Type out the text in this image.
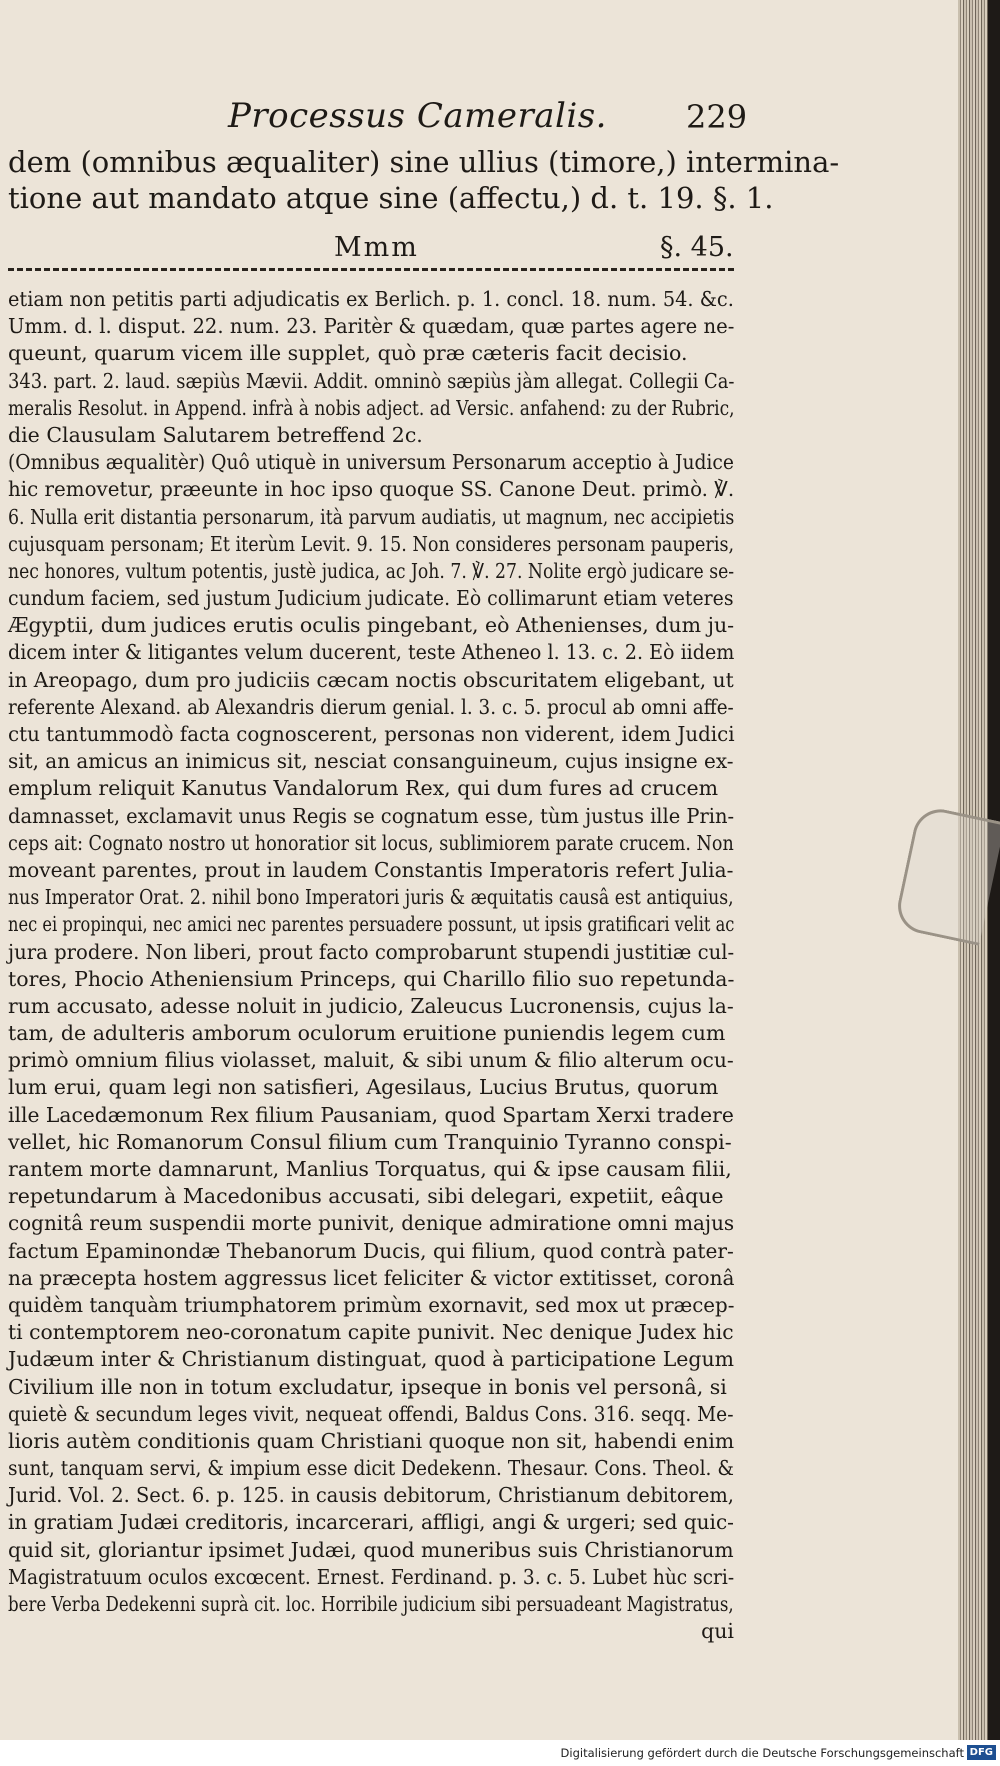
Processus Cameralis. 229
dem (omnibus æqualiter) sine ullius (timore,) intermina-
tione aut mandato atque sine (affectu,) d. t. 19. §. 1.
Mmm	§. 45.
etiam non petitis parti adjudicatis ex Berlich. p. 1. concl. 18. num. 54. &c.
Umm. d. l. disput. 22. num. 23. Paritèr & quædam, quæ partes agere ne-
queunt, quarum vicem ille supplet, quò præ cæteris facit decisio.
343. part. 2. laud. sæpiùs Mævii. Addit. omninò sæpiùs jàm allegat. Collegii Ca-
meralis Resolut. in Append. infrà à nobis adject. ad Versic. anfahend: zu der Rubric,
die Clausulam Salutarem betreffend 2c.
(Omnibus æqualitèr) Quô utiquè in universum Personarum acceptio à Judice
hic removetur, præeunte in hoc ipso quoque SS. Canone Deut. primò. ℣.
6. Nulla erit distantia personarum, ità parvum audiatis, ut magnum, nec accipietis
cujusquam personam; Et iterùm Levit. 9. 15. Non consideres personam pauperis,
nec honores, vultum potentis, justè judica, ac Joh. 7. ℣. 27. Nolite ergò judicare se-
cundum faciem, sed justum Judicium judicate. Eò collimarunt etiam veteres
Ægyptii, dum judices erutis oculis pingebant, eò Athenienses, dum ju-
dicem inter & litigantes velum ducerent, teste Atheneo l. 13. c. 2. Eò iidem
in Areopago, dum pro judiciis cæcam noctis obscuritatem eligebant, ut
referente Alexand. ab Alexandris dierum genial. l. 3. c. 5. procul ab omni affe-
ctu tantummodò facta cognoscerent, personas non viderent, idem Judici
sit, an amicus an inimicus sit, nesciat consanguineum, cujus insigne ex-
emplum reliquit Kanutus Vandalorum Rex, qui dum fures ad crucem
damnasset, exclamavit unus Regis se cognatum esse, tùm justus ille Prin-
ceps ait: Cognato nostro ut honoratior sit locus, sublimiorem parate crucem. Non
moveant parentes, prout in laudem Constantis Imperatoris refert Julia-
nus Imperator Orat. 2. nihil bono Imperatori juris & æquitatis causâ est antiquius,
nec ei propinqui, nec amici nec parentes persuadere possunt, ut ipsis gratificari velit ac
jura prodere. Non liberi, prout facto comprobarunt stupendi justitiæ cul-
tores, Phocio Atheniensium Princeps, qui Charillo filio suo repetunda-
rum accusato, adesse noluit in judicio, Zaleucus Lucronensis, cujus la-
tam, de adulteris amborum oculorum eruitione puniendis legem cum
primò omnium filius violasset, maluit, & sibi unum & filio alterum ocu-
lum erui, quam legi non satisfieri, Agesilaus, Lucius Brutus, quorum
ille Lacedæmonum Rex filium Pausaniam, quod Spartam Xerxi tradere
vellet, hic Romanorum Consul filium cum Tranquinio Tyranno conspi-
rantem morte damnarunt, Manlius Torquatus, qui & ipse causam filii,
repetundarum à Macedonibus accusati, sibi delegari, expetiit, eâque
cognitâ reum suspendii morte punivit, denique admiratione omni majus
factum Epaminondæ Thebanorum Ducis, qui filium, quod contrà pater-
na præcepta hostem aggressus licet feliciter & victor extitisset, coronâ
quidèm tanquàm triumphatorem primùm exornavit, sed mox ut præcep-
ti contemptorem neo-coronatum capite punivit. Nec denique Judex hic
Judæum inter & Christianum distinguat, quod à participatione Legum
Civilium ille non in totum excludatur, ipseque in bonis vel personâ, si
quietè & secundum leges vivit, nequeat offendi, Baldus Cons. 316. seqq. Me-
lioris autèm conditionis quam Christiani quoque non sit, habendi enim
sunt, tanquam servi, & impium esse dicit Dedekenn. Thesaur. Cons. Theol. &
Jurid. Vol. 2. Sect. 6. p. 125. in causis debitorum, Christianum debitorem,
in gratiam Judæi creditoris, incarcerari, affligi, angi & urgeri; sed quic-
quid sit, gloriantur ipsimet Judæi, quod muneribus suis Christianorum
Magistratuum oculos excœcent. Ernest. Ferdinand. p. 3. c. 5. Lubet hùc scri-
bere Verba Dedekenni suprà cit. loc. Horribile judicium sibi persuadeant Magistratus,
qui
Digitalisierung gefördert durch die Deutsche Forschungsgemeinschaft DFG
